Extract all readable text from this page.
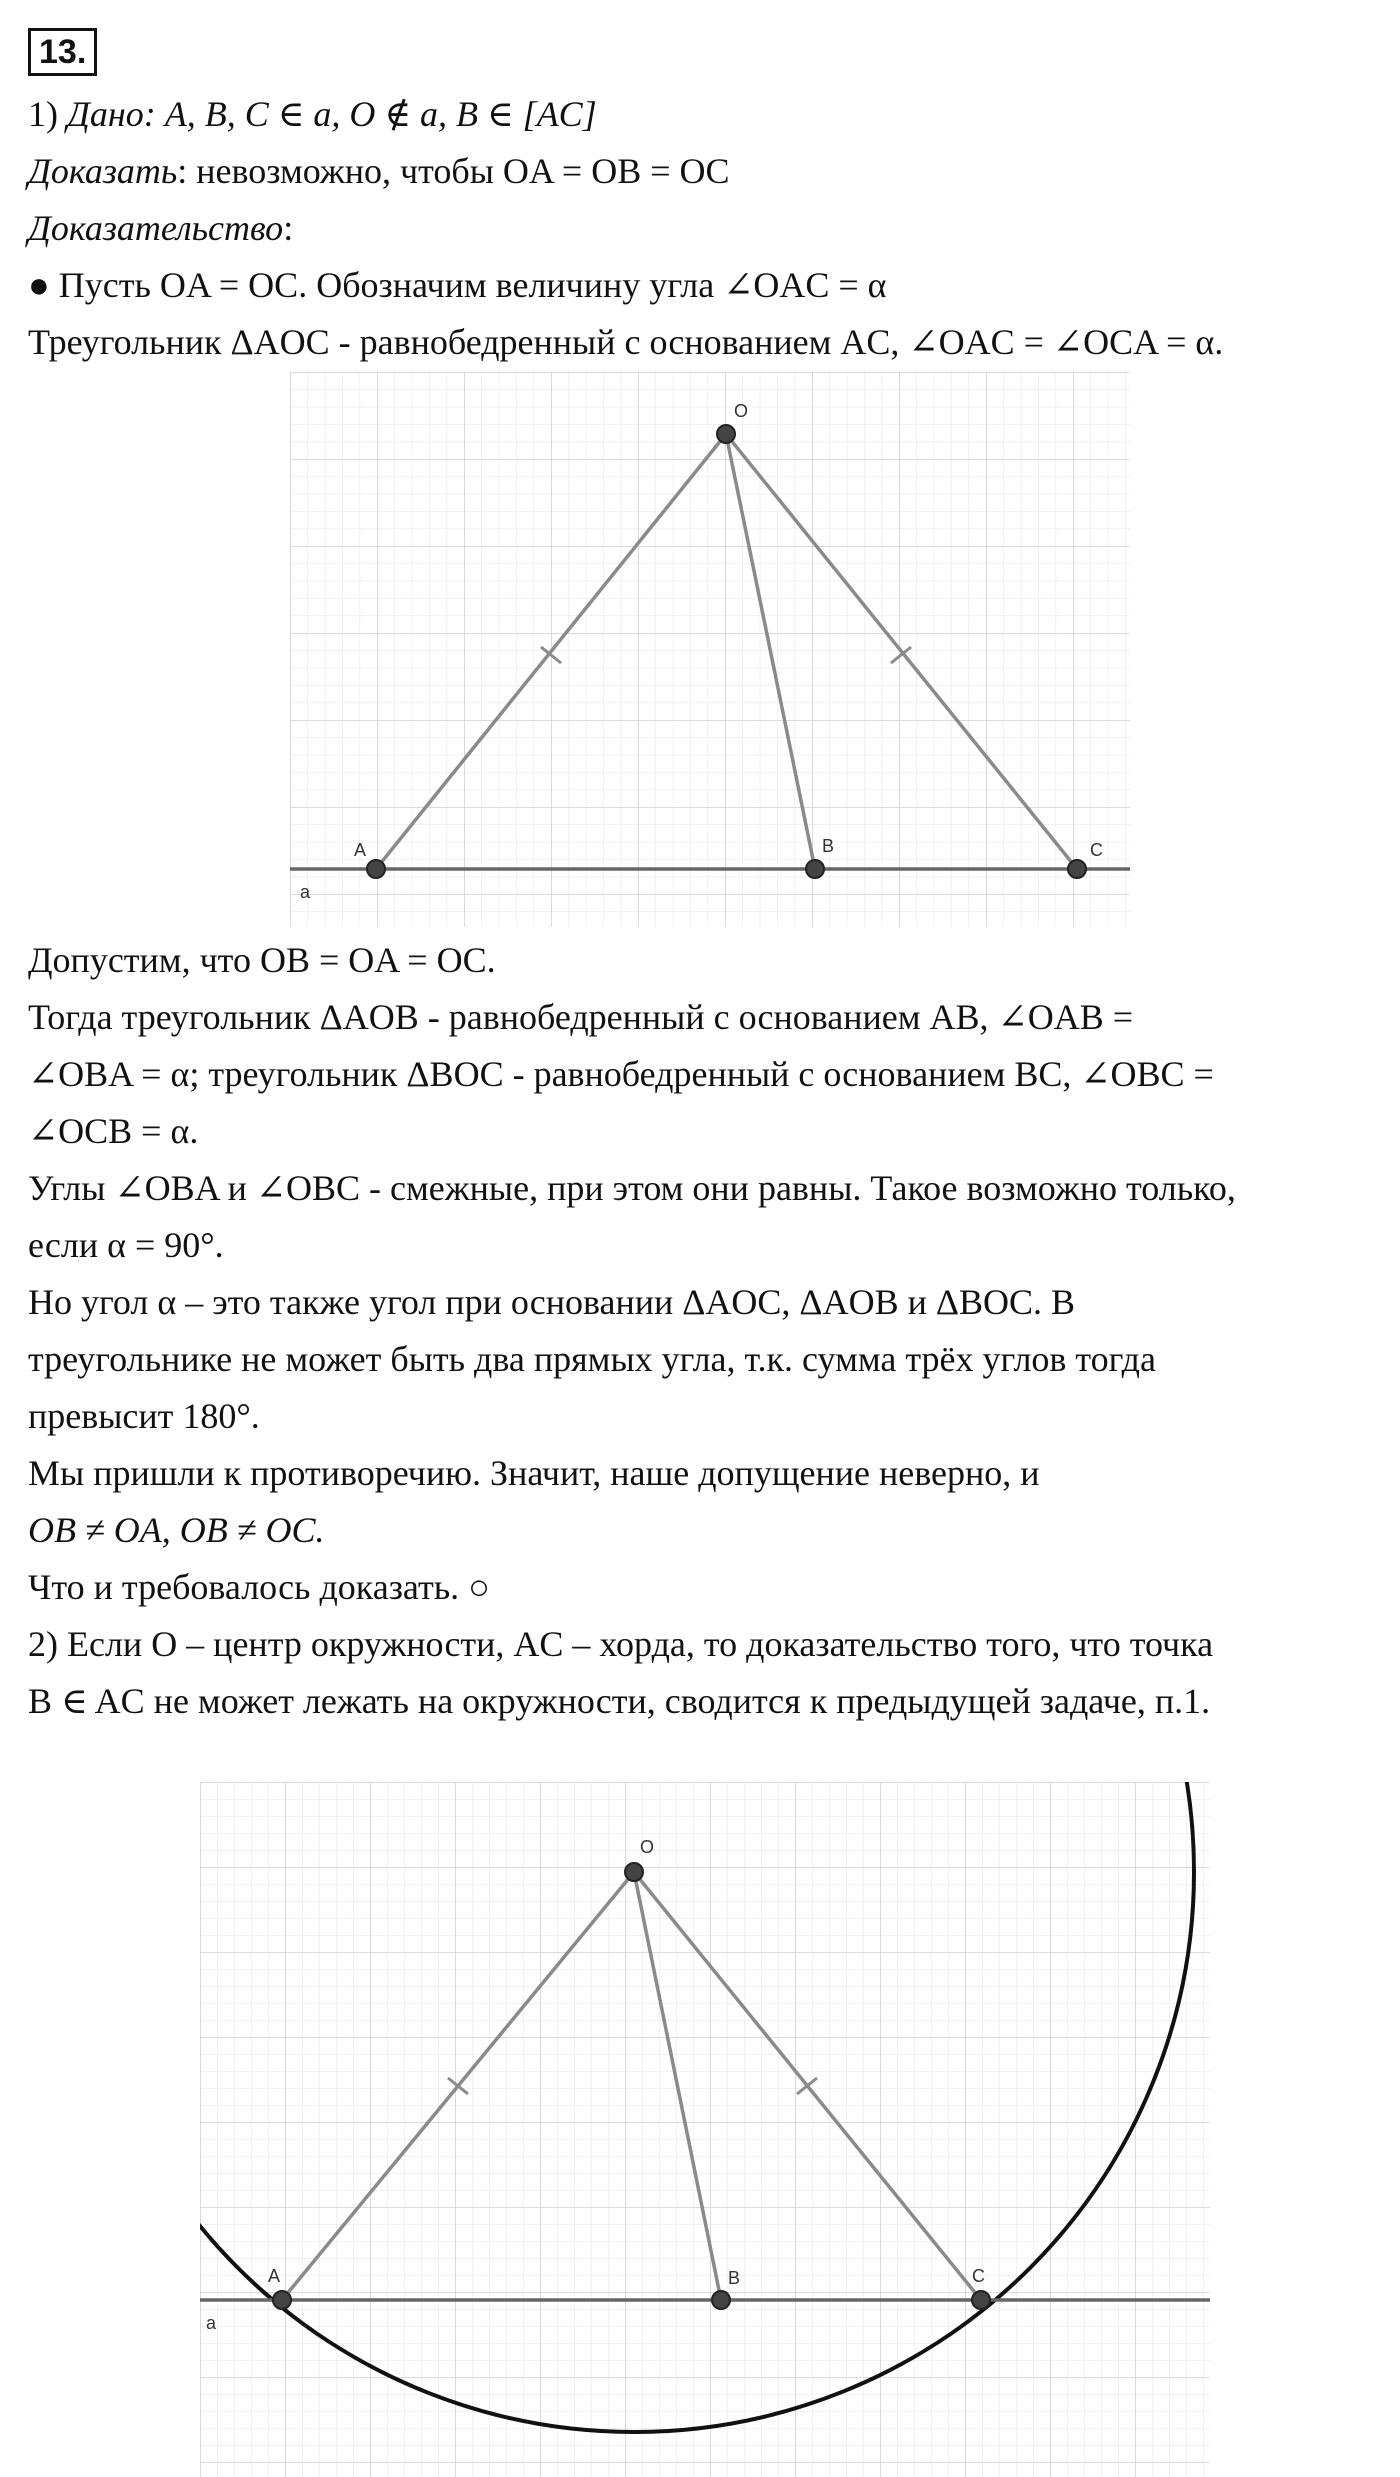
13.
1) Дано: A, B, C ∈ a, O ∉ a, B ∈ [AC]
Доказать: невозможно, чтобы OA = OB = OC
Доказательство:
● Пусть OA = OC. Обозначим величину угла ∠OAC = α
Треугольник ΔAOC - равнобедренный с основанием AC, ∠OAC = ∠OCA = α.
O
A	B	C
a
Допустим, что OB = OA = OC.
Тогда треугольник ΔAOB - равнобедренный с основанием AB, ∠OAB =
∠OBA = α; треугольник ΔBOC - равнобедренный с основанием BC, ∠OBC =
∠OCB = α.
Углы ∠OBA и ∠OBC - смежные, при этом они равны. Такое возможно только,
если α = 90°.
Но угол α – это также угол при основании ΔAOC, ΔAOB и ΔBOC. В
треугольнике не может быть два прямых угла, т.к. сумма трёх углов тогда
превысит 180°.
Мы пришли к противоречию. Значит, наше допущение неверно, и
OB ≠ OA, OB ≠ OC.
Что и требовалось доказать. ○
2) Если O – центр окружности, AC – хорда, то доказательство того, что точка
B ∈ AC не может лежать на окружности, сводится к предыдущей задаче, п.1.
O
A	B	C
a
